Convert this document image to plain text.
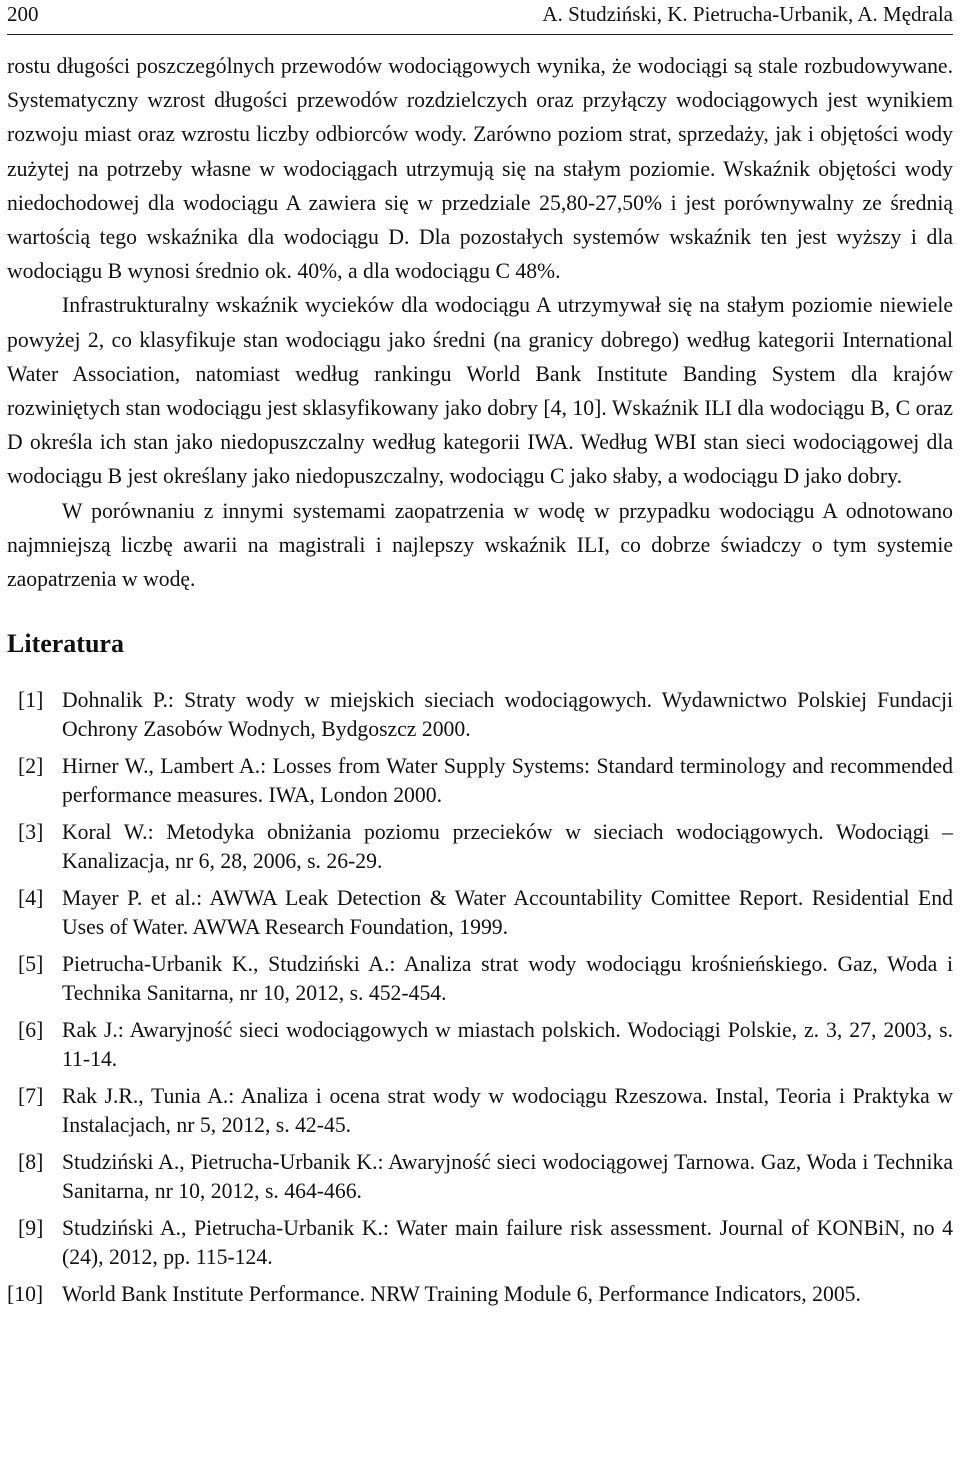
200	A. Studziński, K. Pietrucha-Urbanik, A. Mędrala

rostu długości poszczególnych przewodów wodociągowych wynika, że wodociągi są stale rozbudowywane. Systematyczny wzrost długości przewodów rozdzielczych oraz przyłączy wodociągowych jest wynikiem rozwoju miast oraz wzrostu liczby odbiorców wody. Zarówno poziom strat, sprzedaży, jak i objętości wody zużytej na potrzeby własne w wodociągach utrzymują się na stałym poziomie. Wskaźnik objętości wody niedochodowej dla wodociągu A zawiera się w przedziale 25,80-27,50% i jest porównywalny ze średnią wartością tego wskaźnika dla wodociągu D. Dla pozostałych systemów wskaźnik ten jest wyższy i dla wodociągu B wynosi średnio ok. 40%, a dla wodociągu C 48%.

Infrastrukturalny wskaźnik wycieków dla wodociągu A utrzymywał się na stałym poziomie niewiele powyżej 2, co klasyfikuje stan wodociągu jako średni (na granicy dobrego) według kategorii International Water Association, natomiast według rankingu World Bank Institute Banding System dla krajów rozwiniętych stan wodociągu jest sklasyfikowany jako dobry [4, 10]. Wskaźnik ILI dla wodociągu B, C oraz D określa ich stan jako niedopuszczalny według kategorii IWA. Według WBI stan sieci wodociągowej dla wodociągu B jest określany jako niedopuszczalny, wodociągu C jako słaby, a wodociągu D jako dobry.

W porównaniu z innymi systemami zaopatrzenia w wodę w przypadku wodociągu A odnotowano najmniejszą liczbę awarii na magistrali i najlepszy wskaźnik ILI, co dobrze świadczy o tym systemie zaopatrzenia w wodę.

Literatura
[1] Dohnalik P.: Straty wody w miejskich sieciach wodociągowych. Wydawnictwo Polskiej Fundacji Ochrony Zasobów Wodnych, Bydgoszcz 2000.
[2] Hirner W., Lambert A.: Losses from Water Supply Systems: Standard terminology and recommended performance measures. IWA, London 2000.
[3] Koral W.: Metodyka obniżania poziomu przecieków w sieciach wodociągowych. Wodociągi – Kanalizacja, nr 6, 28, 2006, s. 26-29.
[4] Mayer P. et al.: AWWA Leak Detection & Water Accountability Comittee Report. Residential End Uses of Water. AWWA Research Foundation, 1999.
[5] Pietrucha-Urbanik K., Studziński A.: Analiza strat wody wodociągu krośnieńskiego. Gaz, Woda i Technika Sanitarna, nr 10, 2012, s. 452-454.
[6] Rak J.: Awaryjność sieci wodociągowych w miastach polskich. Wodociągi Polskie, z. 3, 27, 2003, s. 11-14.
[7] Rak J.R., Tunia A.: Analiza i ocena strat wody w wodociągu Rzeszowa. Instal, Teoria i Praktyka w Instalacjach, nr 5, 2012, s. 42-45.
[8] Studziński A., Pietrucha-Urbanik K.: Awaryjność sieci wodociągowej Tarnowa. Gaz, Woda i Technika Sanitarna, nr 10, 2012, s. 464-466.
[9] Studziński A., Pietrucha-Urbanik K.: Water main failure risk assessment. Journal of KONBiN, no 4 (24), 2012, pp. 115-124.
[10] World Bank Institute Performance. NRW Training Module 6, Performance Indicators, 2005.
